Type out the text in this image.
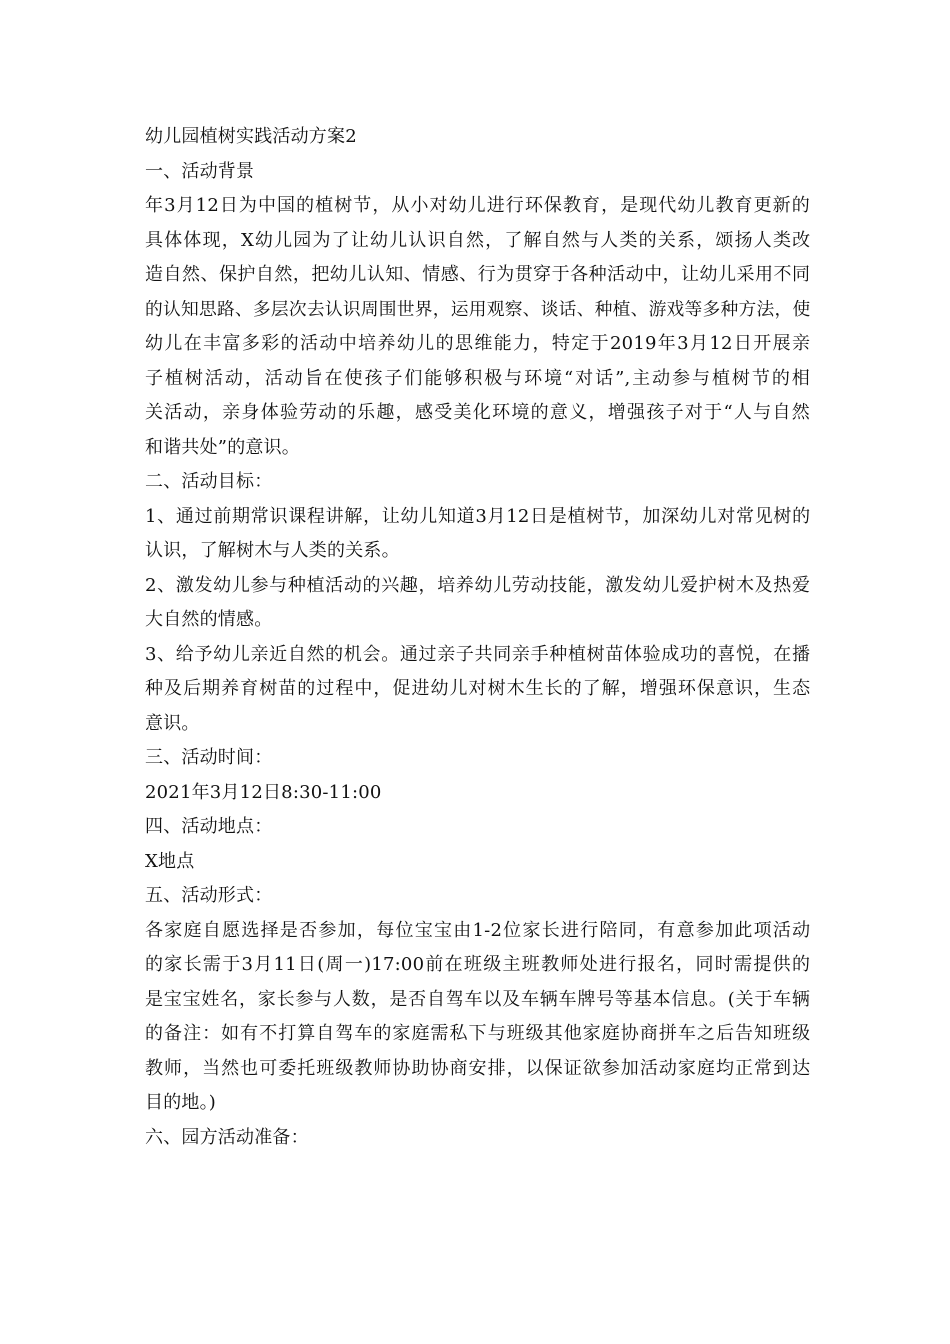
幼儿园植树实践活动方案2

一、活动背景

年3月12日为中国的植树节，从小对幼儿进行环保教育，是现代幼儿教育更新的

具体体现，X幼儿园为了让幼儿认识自然，了解自然与人类的关系，颂扬人类改

造自然、保护自然，把幼儿认知、情感、行为贯穿于各种活动中，让幼儿采用不同

的认知思路、多层次去认识周围世界，运用观察、谈话、种植、游戏等多种方法，使

幼儿在丰富多彩的活动中培养幼儿的思维能力，特定于2019年3月12日开展亲

子植树活动，活动旨在使孩子们能够积极与环境“对话”,主动参与植树节的相

关活动，亲身体验劳动的乐趣，感受美化环境的意义，增强孩子对于“人与自然

和谐共处”的意识。

二、活动目标：

1、通过前期常识课程讲解，让幼儿知道3月12日是植树节，加深幼儿对常见树的

认识，了解树木与人类的关系。

2、激发幼儿参与种植活动的兴趣，培养幼儿劳动技能，激发幼儿爱护树木及热爱

大自然的情感。

3、给予幼儿亲近自然的机会。通过亲子共同亲手种植树苗体验成功的喜悦，在播

种及后期养育树苗的过程中，促进幼儿对树木生长的了解，增强环保意识，生态

意识。

三、活动时间：

2021年3月12日8:30-11:00

四、活动地点：

X地点

五、活动形式：

各家庭自愿选择是否参加，每位宝宝由1-2位家长进行陪同，有意参加此项活动

的家长需于3月11日(周一)17:00前在班级主班教师处进行报名，同时需提供的

是宝宝姓名，家长参与人数，是否自驾车以及车辆车牌号等基本信息。(关于车辆

的备注：如有不打算自驾车的家庭需私下与班级其他家庭协商拼车之后告知班级

教师，当然也可委托班级教师协助协商安排，以保证欲参加活动家庭均正常到达

目的地。)

六、园方活动准备：
